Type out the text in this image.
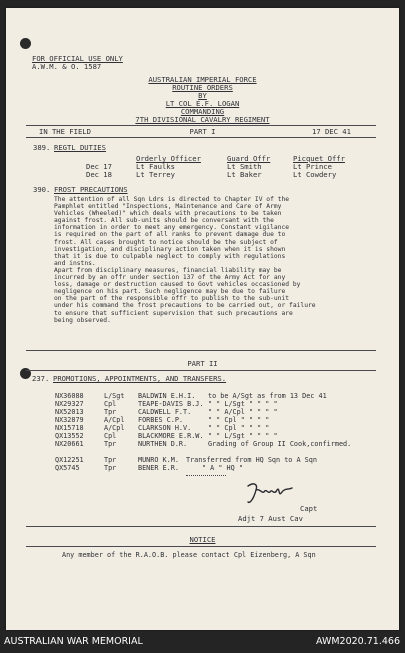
FOR OFFICIAL USE ONLY
A.W.M. & O. 1587
AUSTRALIAN IMPERIAL FORCE
ROUTINE ORDERS
BY
LT COL E.F. LOGAN
COMMANDING
7TH DIVISIONAL CAVALRY REGIMENT
IN THE FIELD	PART I	17 DEC 41
389. REGTL DUTIES
Orderly Officer	Guard Offr	Picquet Offr
Dec 17	Lt Faulks	Lt Smith	Lt Prince
Dec 18	Lt Terrey	Lt Baker	Lt Cowdery
390. FROST PRECAUTIONS
The attention of all Sqn Ldrs is directed to Chapter IV of the
Pamphlet entitled "Inspections, Maintenance and Care of Army
Vehicles (Wheeled)" which deals with precautions to be taken
against frost. All sub-units should be conversant with the
information in order to meet any emergency. Constant vigilance
is required on the part of all ranks to prevent damage due to
frost. All cases brought to notice should be the subject of
investigation, and disciplinary action taken when it is shown
that it is due to culpable neglect to comply with regulations
and instns.
Apart from disciplinary measures, financial liability may be
incurred by an offr under section 137 of the Army Act for any
loss, damage or destruction caused to Govt vehicles occasioned by
negligence on his part. Such negligence may be due to failure
on the part of the responsible offr to publish to the sub-unit
under his command the frost precautions to be carried out, or failure
to ensure that sufficient supervision that such precautions are
being observed.
PART II
237. PROMOTIONS, APPOINTMENTS, AND TRANSFERS.
NX36088	L/Sgt BALDWIN E.H.I. to be A/Sgt as from 13 Dec 41
NX29327	Cpl	TEAPE-DAVIS B.J. " " L/Sgt " " " "
NX52013	Tpr	CALDWELL F.T. " " A/Cpl " " " "
NX32879	A/Cpl FORBES C.P.	" " Cpl " " " "
NX15718	A/Cpl CLARKSON H.V. " " Cpl " " " "
QX13552	Cpl	BLACKMORE E.R.W. " " L/Sgt " " " "
NX20661	Tpr	NURTHEN D.R.	Grading of Group II Cook,confirmed.
QX12251	Tpr	MUNRO K.M. Transferred from HQ Sqn to A Sqn
QX5745	Tpr	BENER E.R.	" A " HQ "
Capt
Adjt 7 Aust Cav
NOTICE
Any member of the R.A.O.B. please contact Cpl Eizenberg, A Sqn
AUSTRALIAN WAR MEMORIAL	AWM2020.71.466
